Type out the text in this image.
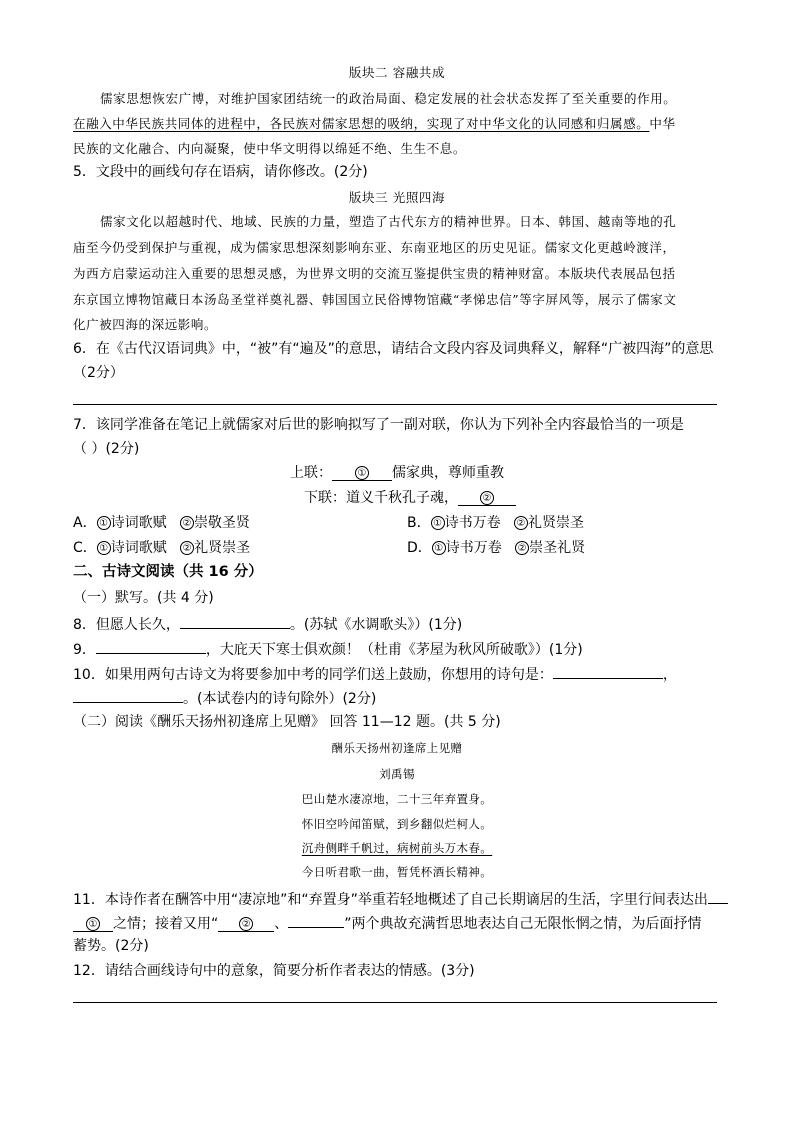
版块二 容融共成
儒家思想恢宏广博，对维护国家团结统一的政治局面、稳定发展的社会状态发挥了至关重要的作用。
在融入中华民族共同体的进程中，各民族对儒家思想的吸纳，实现了对中华文化的认同感和归属感。中华
民族的文化融合、内向凝聚，使中华文明得以绵延不绝、生生不息。
5．文段中的画线句存在语病，请你修改。(2分)
版块三 光照四海
儒家文化以超越时代、地域、民族的力量，塑造了古代东方的精神世界。日本、韩国、越南等地的孔
庙至今仍受到保护与重视，成为儒家思想深刻影响东亚、东南亚地区的历史见证。儒家文化更越岭渡洋，
为西方启蒙运动注入重要的思想灵感，为世界文明的交流互鉴提供宝贵的精神财富。本版块代表展品包括
东京国立博物馆藏日本汤岛圣堂祥奠礼器、韩国国立民俗博物馆藏“孝悌忠信”等字屏风等，展示了儒家文
化广被四海的深远影响。
6．在《古代汉语词典》中，“被”有“遍及”的意思，请结合文段内容及词典释义，解释“广被四海”的意思
（2分）
7．该同学准备在笔记上就儒家对后世的影响拟写了一副对联，你认为下列补全内容最恰当的一项是
（ ）(2分)
上联：	① 儒家典，尊师重教
下联：道义千秋孔子魂， ②
A． ① 诗词歌赋 ② 崇敬圣贤	B． ① 诗书万卷 ② 礼贤崇圣
C． ① 诗词歌赋 ② 礼贤崇圣	D． ① 诗书万卷 ② 崇圣礼贤
二、古诗文阅读（共 16 分）
（一）默写。(共 4 分)
8．但愿人长久，	。(苏轼《水调歌头》）(1分)
9．	，大庇天下寒士俱欢颜！（杜甫《茅屋为秋风所破歌》）(1分)
10．如果用两句古诗文为将要参加中考的同学们送上鼓励，你想用的诗句是：	，
。(本试卷内的诗句除外）(2分)
（二）阅读《酬乐天扬州初逢席上见赠》 回答 11—12 题。(共 5 分)
酬乐天扬州初逢席上见赠
刘禹锡
巴山楚水凄凉地，二十三年弃置身。
怀旧空吟闻笛赋，到乡翻似烂柯人。
沉舟侧畔千帆过，病树前头万木春。
今日听君歌一曲，暂凭杯酒长精神。
11．本诗作者在酬答中用“凄凉地”和“弃置身”举重若轻地概述了自己长期谪居的生活，字里行间表达出
① 之情；接着又用“ ② 、	”两个典故充满哲思地表达自己无限怅惘之情，为后面抒情
蓄势。(2分)
12．请结合画线诗句中的意象，简要分析作者表达的情感。(3分)
